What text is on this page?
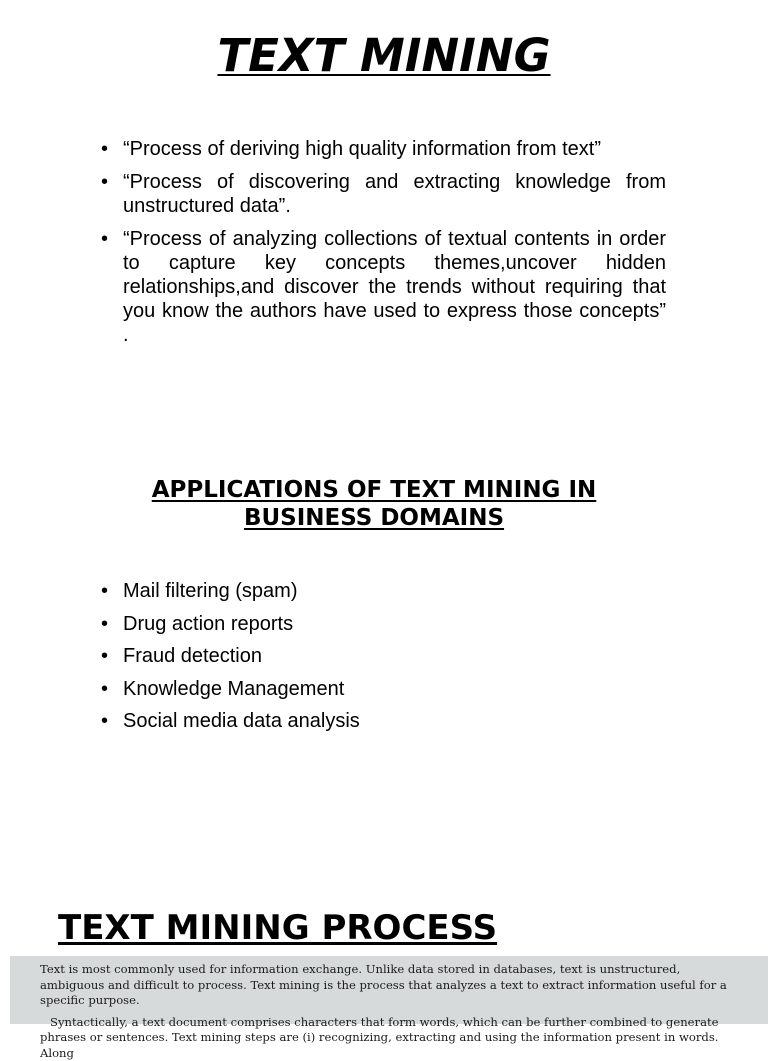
TEXT MINING
• “Process of deriving high quality information from text”
• “Process of discovering and extracting knowledge from unstructured data”.
• “Process of analyzing collections of textual contents in order to capture key concepts themes,uncover hidden relationships,and discover the trends without requiring that you know the authors have used to express those concepts” .
APPLICATIONS OF TEXT MINING IN
BUSINESS DOMAINS
• Mail filtering (spam)
• Drug action reports
• Fraud detection
• Knowledge Management
• Social media data analysis
TEXT MINING PROCESS

Text is most commonly used for information exchange. Unlike data stored in databases, text is unstructured, ambiguous and difficult to process. Text mining is the process that analyzes a text to extract information useful for a specific purpose.

Syntactically, a text document comprises characters that form words, which can be further combined to generate phrases or sentences. Text mining steps are (i) recognizing, extracting and using the information present in words. Along
